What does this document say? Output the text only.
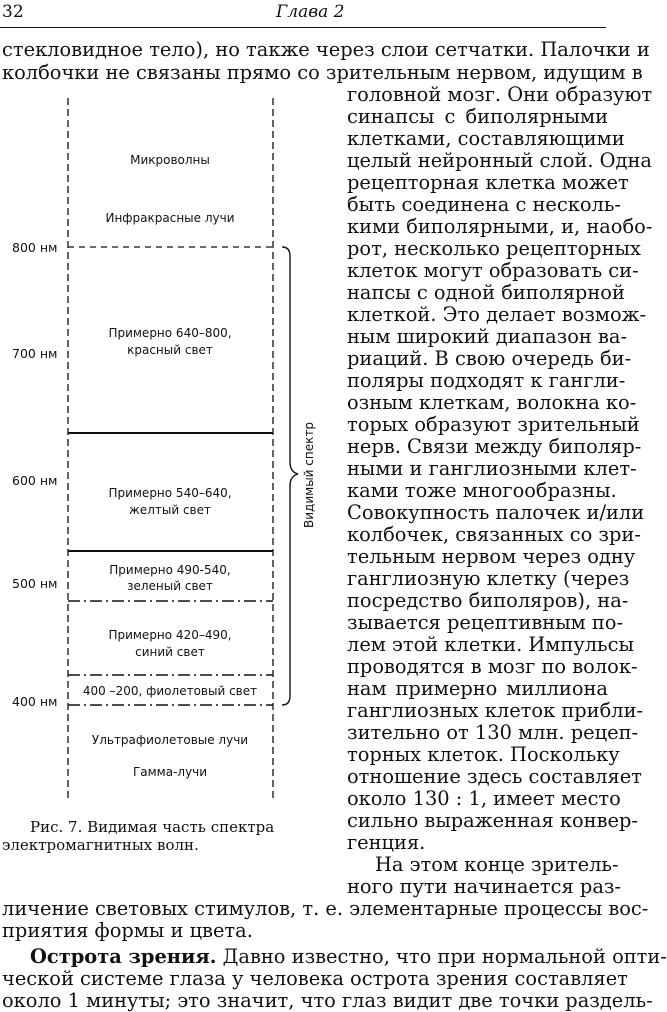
32	Глава 2
стекловидное тело), но также через слои сетчатки. Палочки и
колбочки не связаны прямо со зрительным нервом, идущим в
головной мозг. Они образуют
синапсы с биполярными
клетками, составляющими
целый нейронный слой. Одна
рецепторная клетка может
быть соединена с несколь-
кими биполярными, и, наобо-
рот, несколько рецепторных
клеток могут образовать си-
напсы с одной биполярной
клеткой. Это делает возмож-
ным широкий диапазон ва-
риаций. В свою очередь би-
поляры подходят к гангли-
озным клеткам, волокна ко-
торых образуют зрительный
нерв. Связи между биполяр-
ными и ганглиозными клет-
ками тоже многообразны.
Совокупность палочек и/или
колбочек, связанных со зри-
тельным нервом через одну
ганглиозную клетку (через
посредство биполяров), на-
зывается рецептивным по-
лем этой клетки. Импульсы
проводятся в мозг по волок-
нам примерно миллиона
ганглиозных клеток прибли-
зительно от 130 млн. рецеп-
торных клеток. Поскольку
отношение здесь составляет
около 130 : 1, имеет место
сильно выраженная конвер-
генция.
На этом конце зритель-
ного пути начинается раз-
личение световых стимулов, т. е. элементарные процессы вос-
приятия формы и цвета.
Острота зрения. Давно известно, что при нормальной опти-
ческой системе глаза у человека острота зрения составляет
около 1 минуты; это значит, что глаз видит две точки раздель-
Микроволны
Инфракрасные лучи
Примерно 640–800,
красный свет
Примерно 540–640,
желтый свет
Примерно 490-540,
зеленый свет
Примерно 420–490,
синий свет
400 –200, фиолетовый свет
Ультрафиолетовые лучи
Гамма-лучи
800 нм
700 нм
600 нм
500 нм
400 нм
Видимый спектр
Рис. 7. Видимая часть спектра
электромагнитных волн.
